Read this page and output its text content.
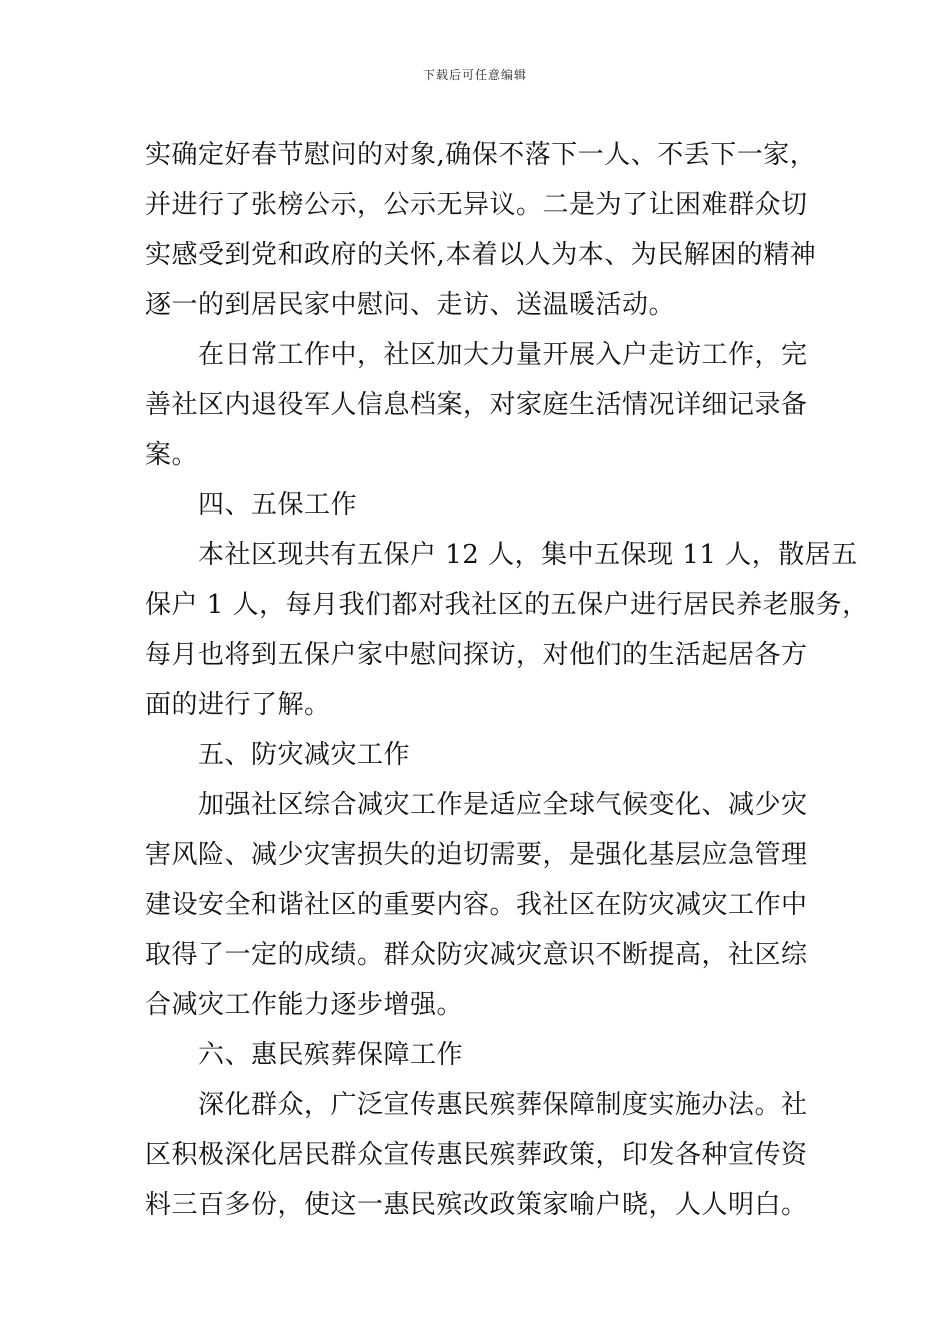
下载后可任意编辑
实确定好春节慰问的对象,确保不落下一人、不丢下一家，
并进行了张榜公示，公示无异议。二是为了让困难群众切
实感受到党和政府的关怀,本着以人为本、为民解困的精神
逐一的到居民家中慰问、走访、送温暖活动。
在日常工作中，社区加大力量开展入户走访工作，完
善社区内退役军人信息档案，对家庭生活情况详细记录备
案。
四、五保工作
本社区现共有五保户 12 人，集中五保现 11 人，散居五
保户 1 人，每月我们都对我社区的五保户进行居民养老服务，
每月也将到五保户家中慰问探访，对他们的生活起居各方
面的进行了解。
五、防灾减灾工作
加强社区综合减灾工作是适应全球气候变化、减少灾
害风险、减少灾害损失的迫切需要，是强化基层应急管理
建设安全和谐社区的重要内容。我社区在防灾减灾工作中
取得了一定的成绩。群众防灾减灾意识不断提高，社区综
合减灾工作能力逐步增强。
六、惠民殡葬保障工作
深化群众，广泛宣传惠民殡葬保障制度实施办法。社
区积极深化居民群众宣传惠民殡葬政策，印发各种宣传资
料三百多份，使这一惠民殡改政策家喻户晓，人人明白。
